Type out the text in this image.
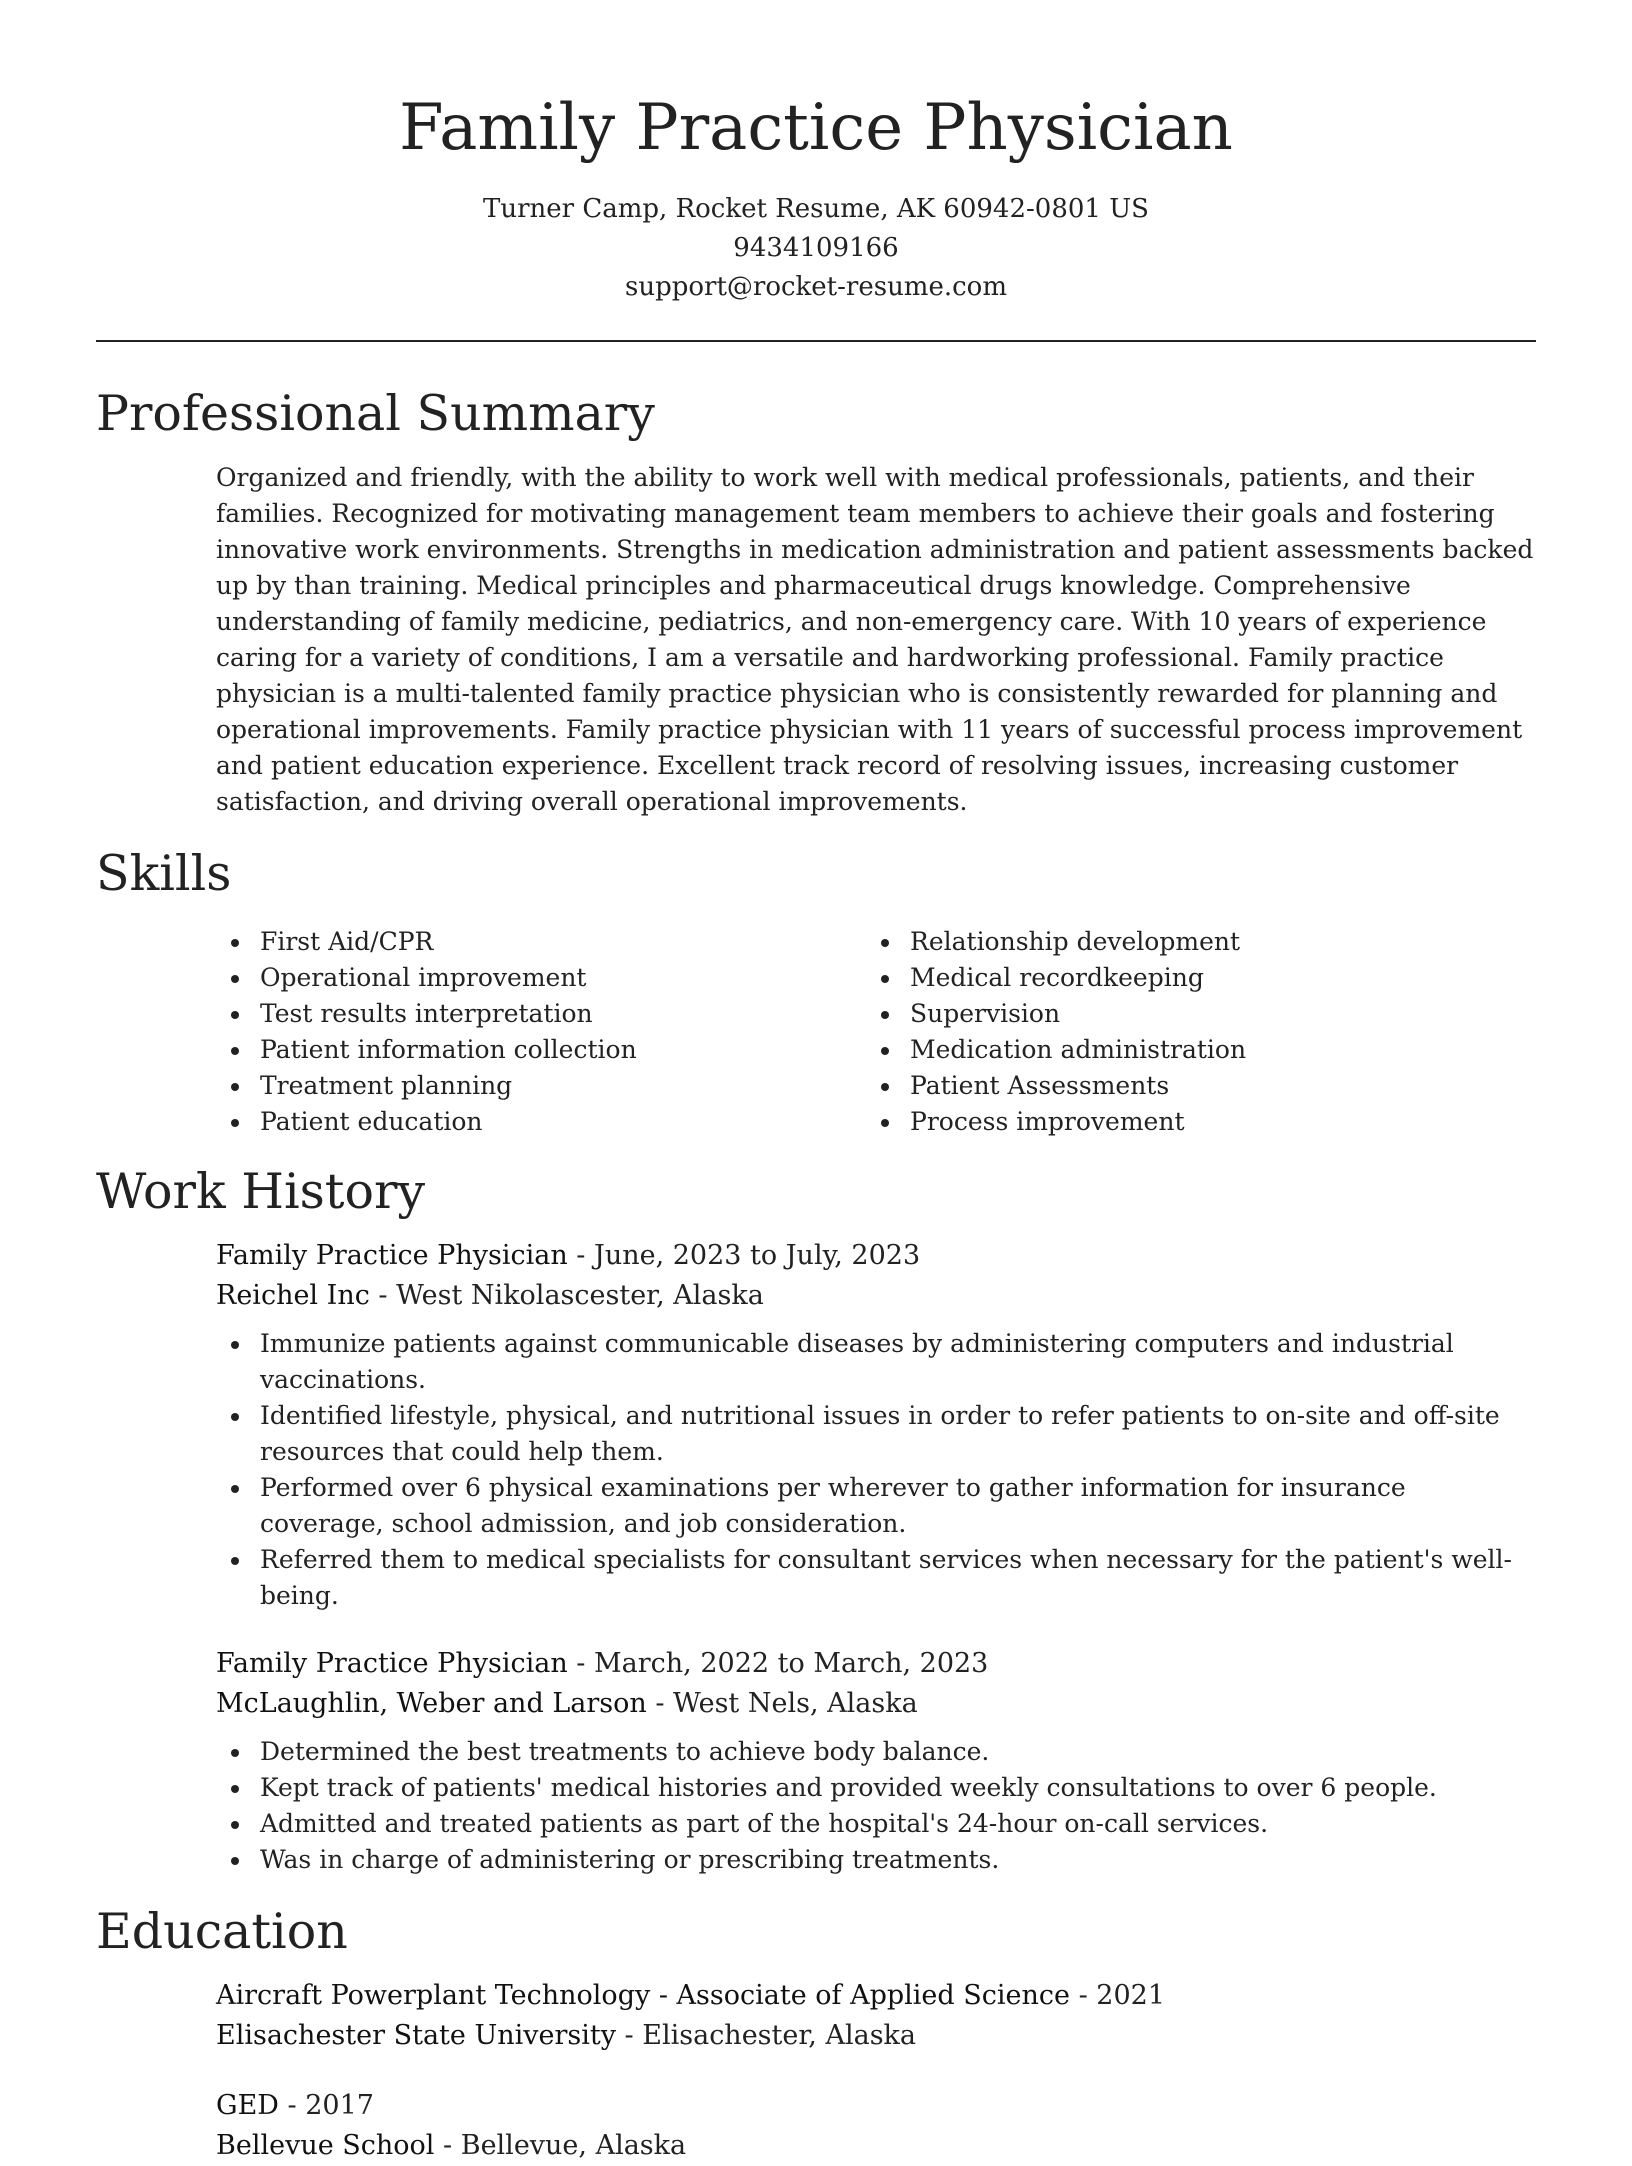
Family Practice Physician
Turner Camp, Rocket Resume, AK 60942-0801 US
9434109166
support@rocket-resume.com
Professional Summary
Organized and friendly, with the ability to work well with medical professionals, patients, and their families. Recognized for motivating management team members to achieve their goals and fostering innovative work environments. Strengths in medication administration and patient assessments backed up by than training. Medical principles and pharmaceutical drugs knowledge. Comprehensive understanding of family medicine, pediatrics, and non-emergency care. With 10 years of experience caring for a variety of conditions, I am a versatile and hardworking professional. Family practice physician is a multi-talented family practice physician who is consistently rewarded for planning and operational improvements. Family practice physician with 11 years of successful process improvement and patient education experience. Excellent track record of resolving issues, increasing customer satisfaction, and driving overall operational improvements.
Skills
First Aid/CPR
Operational improvement
Test results interpretation
Patient information collection
Treatment planning
Patient education
Relationship development
Medical recordkeeping
Supervision
Medication administration
Patient Assessments
Process improvement
Work History
Family Practice Physician - June, 2023 to July, 2023
Reichel Inc - West Nikolascester, Alaska
Immunize patients against communicable diseases by administering computers and industrial vaccinations.
Identified lifestyle, physical, and nutritional issues in order to refer patients to on-site and off-site resources that could help them.
Performed over 6 physical examinations per wherever to gather information for insurance coverage, school admission, and job consideration.
Referred them to medical specialists for consultant services when necessary for the patient's well-being.
Family Practice Physician - March, 2022 to March, 2023
McLaughlin, Weber and Larson - West Nels, Alaska
Determined the best treatments to achieve body balance.
Kept track of patients' medical histories and provided weekly consultations to over 6 people.
Admitted and treated patients as part of the hospital's 24-hour on-call services.
Was in charge of administering or prescribing treatments.
Education
Aircraft Powerplant Technology - Associate of Applied Science - 2021
Elisachester State University - Elisachester, Alaska
GED - 2017
Bellevue School - Bellevue, Alaska
